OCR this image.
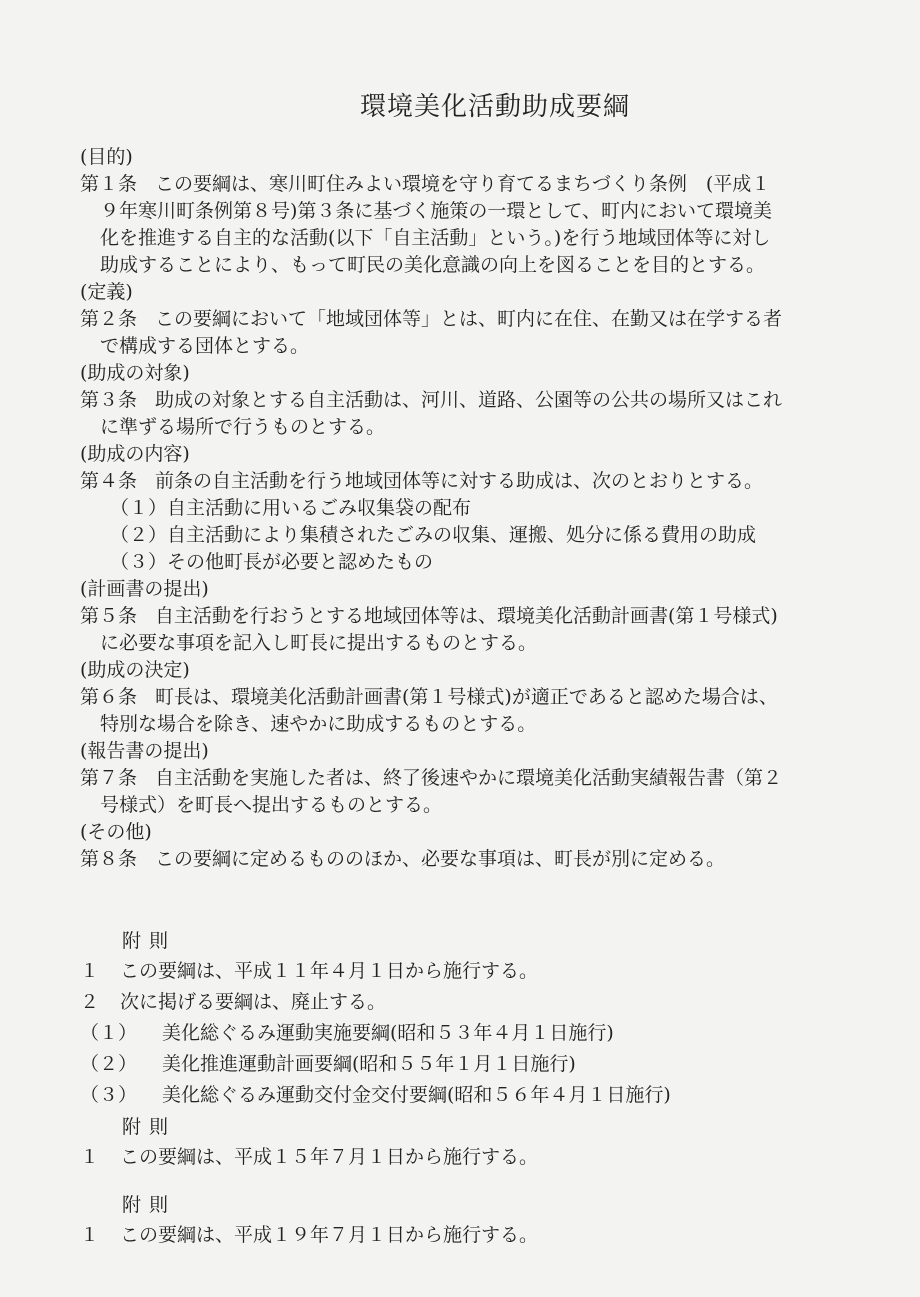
環境美化活動助成要綱
(目的)
第１条 この要綱は、寒川町住みよい環境を守り育てるまちづくり条例　(平成１
９年寒川町条例第８号)第３条に基づく施策の一環として、町内において環境美
化を推進する自主的な活動(以下「自主活動」という。)を行う地域団体等に対し
助成することにより、もって町民の美化意識の向上を図ることを目的とする。
(定義)
第２条 この要綱において「地域団体等」とは、町内に在住、在勤又は在学する者
で構成する団体とする。
(助成の対象)
第３条 助成の対象とする自主活動は、河川、道路、公園等の公共の場所又はこれ
に準ずる場所で行うものとする。
(助成の内容)
第４条 前条の自主活動を行う地域団体等に対する助成は、次のとおりとする。
（１）自主活動に用いるごみ収集袋の配布
（２）自主活動により集積されたごみの収集、運搬、処分に係る費用の助成
（３）その他町長が必要と認めたもの
(計画書の提出)
第５条 自主活動を行おうとする地域団体等は、環境美化活動計画書(第１号様式)
に必要な事項を記入し町長に提出するものとする。
(助成の決定)
第６条 町長は、環境美化活動計画書(第１号様式)が適正であると認めた場合は、
特別な場合を除き、速やかに助成するものとする。
(報告書の提出)
第７条 自主活動を実施した者は、終了後速やかに環境美化活動実績報告書（第２
号様式）を町長へ提出するものとする。
(その他)
第８条 この要綱に定めるもののほか、必要な事項は、町長が別に定める。
附則
１ この要綱は、平成１１年４月１日から施行する。
２ 次に掲げる要綱は、廃止する。
（１） 美化総ぐるみ運動実施要綱(昭和５３年４月１日施行)
（２） 美化推進運動計画要綱(昭和５５年１月１日施行)
（３） 美化総ぐるみ運動交付金交付要綱(昭和５６年４月１日施行)
附則
１ この要綱は、平成１５年７月１日から施行する。
附則
１ この要綱は、平成１９年７月１日から施行する。
